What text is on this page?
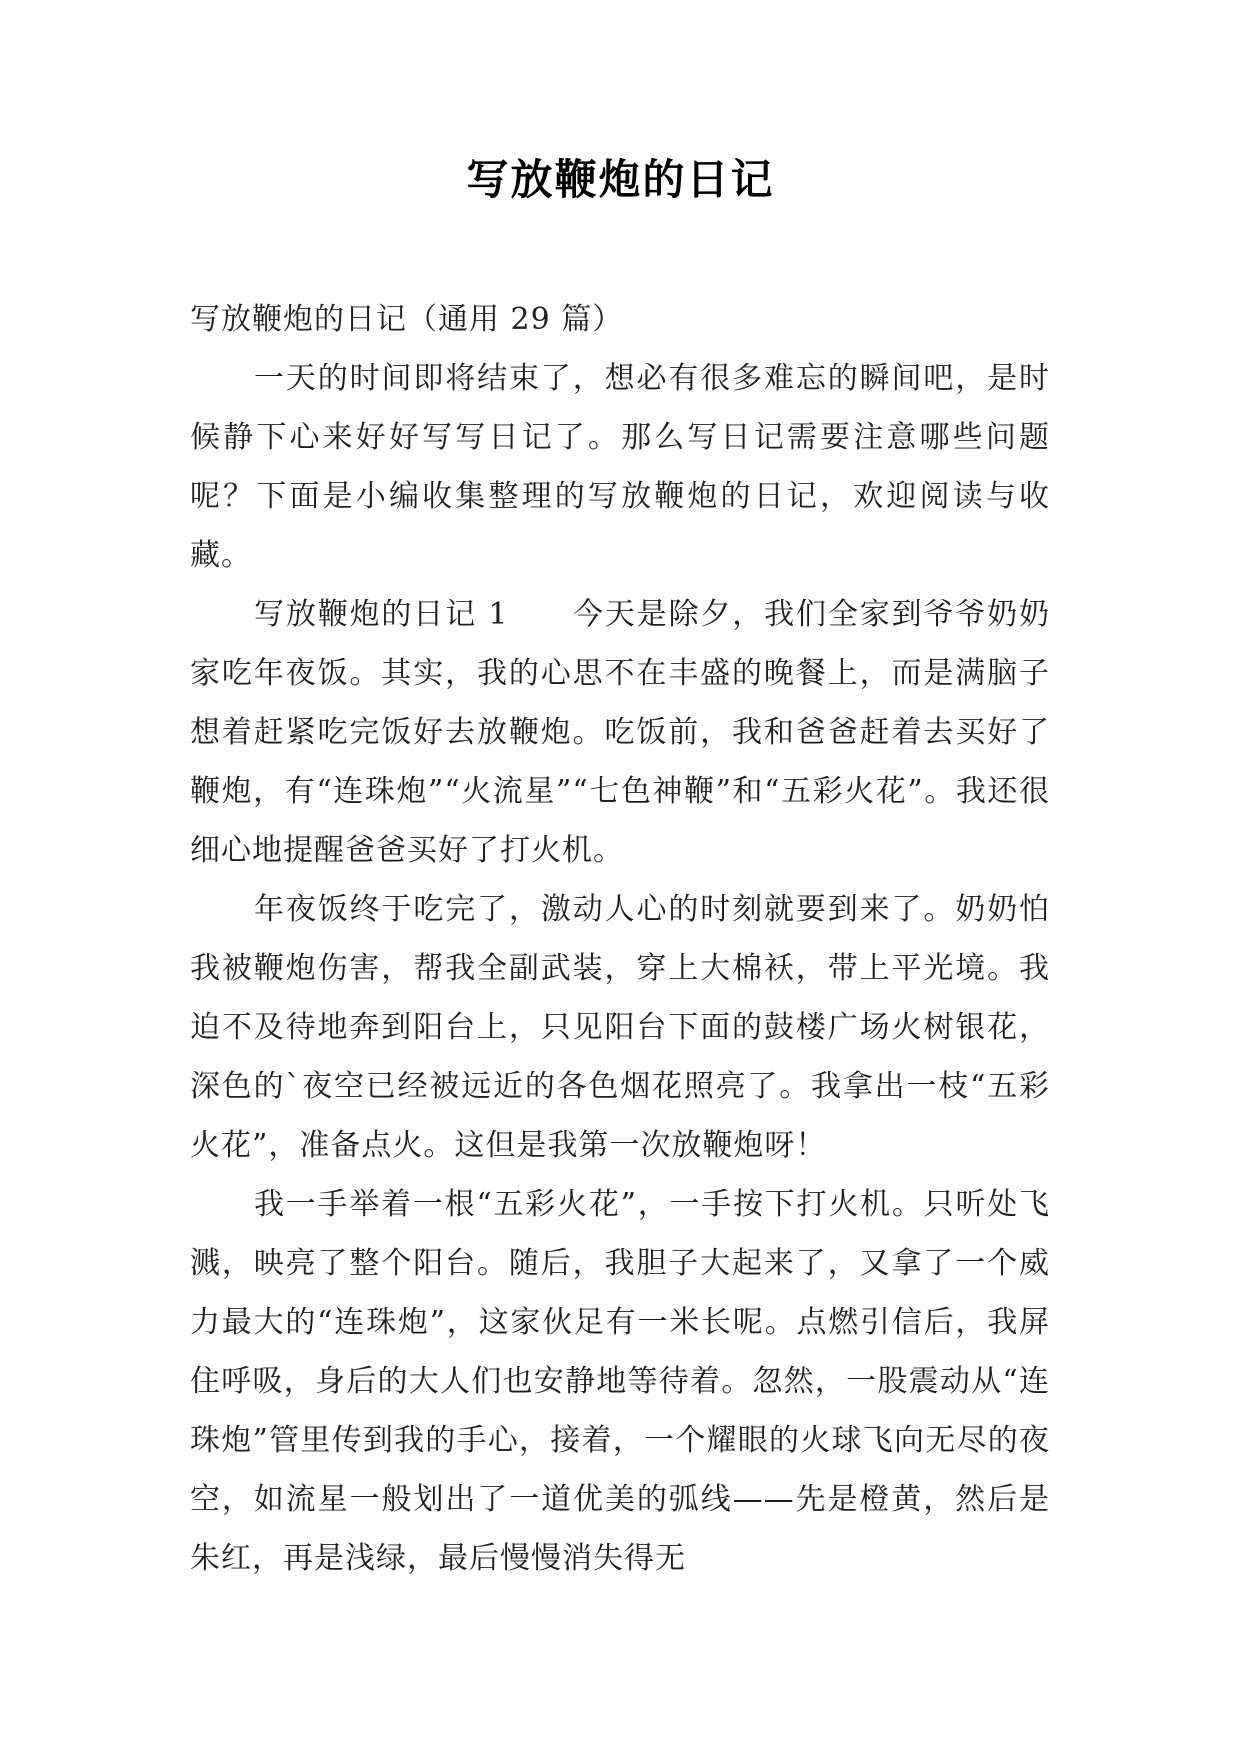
写放鞭炮的日记

写放鞭炮的日记（通用 29 篇）

一天的时间即将结束了，想必有很多难忘的瞬间吧，是时候静下心来好好写写日记了。那么写日记需要注意哪些问题呢？下面是小编收集整理的写放鞭炮的日记，欢迎阅读与收藏。

写放鞭炮的日记 1　　今天是除夕，我们全家到爷爷奶奶家吃年夜饭。其实，我的心思不在丰盛的晚餐上，而是满脑子想着赶紧吃完饭好去放鞭炮。吃饭前，我和爸爸赶着去买好了鞭炮，有“连珠炮”“火流星”“七色神鞭”和“五彩火花”。我还很细心地提醒爸爸买好了打火机。

年夜饭终于吃完了，激动人心的时刻就要到来了。奶奶怕我被鞭炮伤害，帮我全副武装，穿上大棉袄，带上平光境。我迫不及待地奔到阳台上，只见阳台下面的鼓楼广场火树银花，深色的`夜空已经被远近的各色烟花照亮了。我拿出一枝“五彩火花”，准备点火。这但是我第一次放鞭炮呀！

我一手举着一根“五彩火花”，一手按下打火机。只听处飞溅，映亮了整个阳台。随后，我胆子大起来了，又拿了一个威力最大的“连珠炮”，这家伙足有一米长呢。点燃引信后，我屏住呼吸，身后的大人们也安静地等待着。忽然，一股震动从“连珠炮”管里传到我的手心，接着，一个耀眼的火球飞向无尽的夜空，如流星一般划出了一道优美的弧线——先是橙黄，然后是朱红，再是浅绿，最后慢慢消失得无
